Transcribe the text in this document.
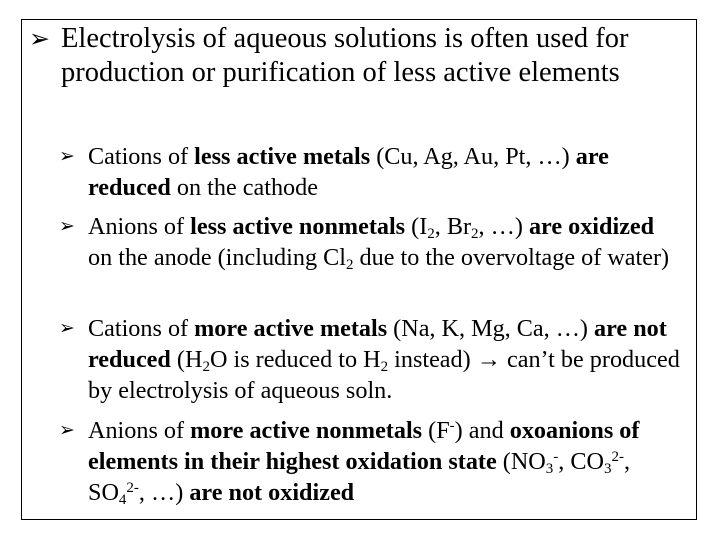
➢ Electrolysis of aqueous solutions is often used for production or purification of less active elements
➢ Cations of less active metals (Cu, Ag, Au, Pt, …) are reduced on the cathode
➢ Anions of less active nonmetals ($I_2$, $Br_2$, …) are oxidized on the anode (including $Cl_2$ due to the overvoltage of water)
➢ Cations of more active metals (Na, K, Mg, Ca, …) are not reduced ($H_2O$ is reduced to $H_2$ instead) → can’t be produced by electrolysis of aqueous soln.
➢ Anions of more active nonmetals (F-) and oxoanions of elements in their highest oxidation state ($NO_3^-$, $CO_3^{2-}$, $SO_4^{2-}$, …) are not oxidized
